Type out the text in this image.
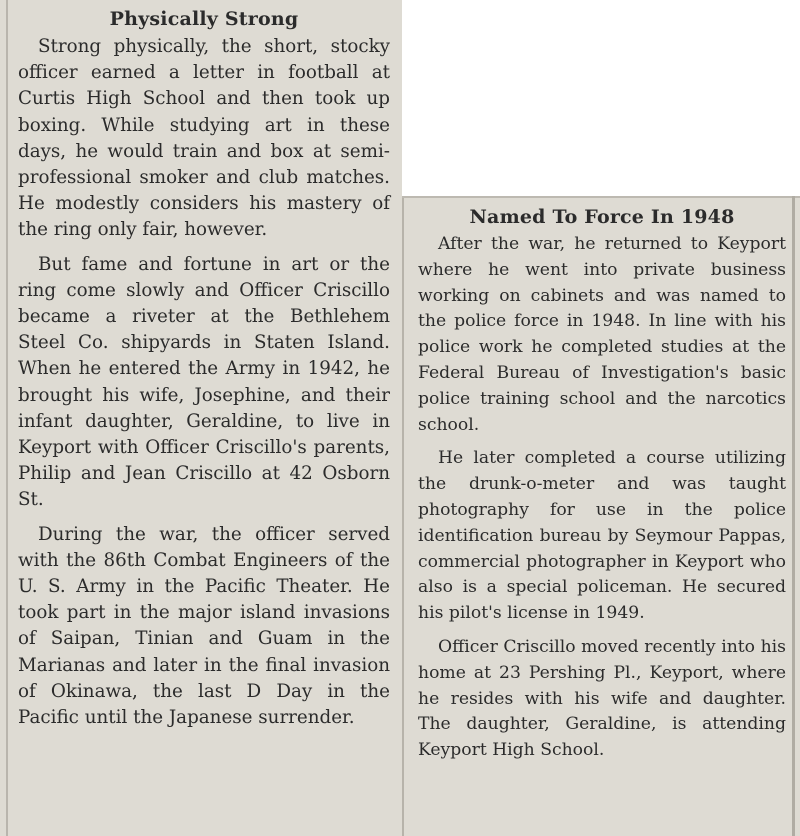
Physically Strong

Strong physically, the short, stocky officer earned a letter in football at Curtis High School and then took up boxing. While studying art in these days, he would train and box at semi-professional smoker and club matches. He modestly considers his mastery of the ring only fair, however.

But fame and fortune in art or the ring come slowly and Officer Criscillo became a riveter at the Bethlehem Steel Co. shipyards in Staten Island. When he entered the Army in 1942, he brought his wife, Josephine, and their infant daughter, Geraldine, to live in Keyport with Officer Criscillo's parents, Philip and Jean Criscillo at 42 Osborn St.

During the war, the officer served with the 86th Combat Engineers of the U. S. Army in the Pacific Theater. He took part in the major island invasions of Saipan, Tinian and Guam in the Marianas and later in the final invasion of Okinawa, the last D Day in the Pacific until the Japanese surrender.

Named To Force In 1948

After the war, he returned to Keyport where he went into private business working on cabinets and was named to the police force in 1948. In line with his police work he completed studies at the Federal Bureau of Investigation's basic police training school and the narcotics school.

He later completed a course utilizing the drunk-o-meter and was taught photography for use in the police identification bureau by Seymour Pappas, commercial photographer in Keyport who also is a special policeman. He secured his pilot's license in 1949.

Officer Criscillo moved recently into his home at 23 Pershing Pl., Keyport, where he resides with his wife and daughter. The daughter, Geraldine, is attending Keyport High School.
